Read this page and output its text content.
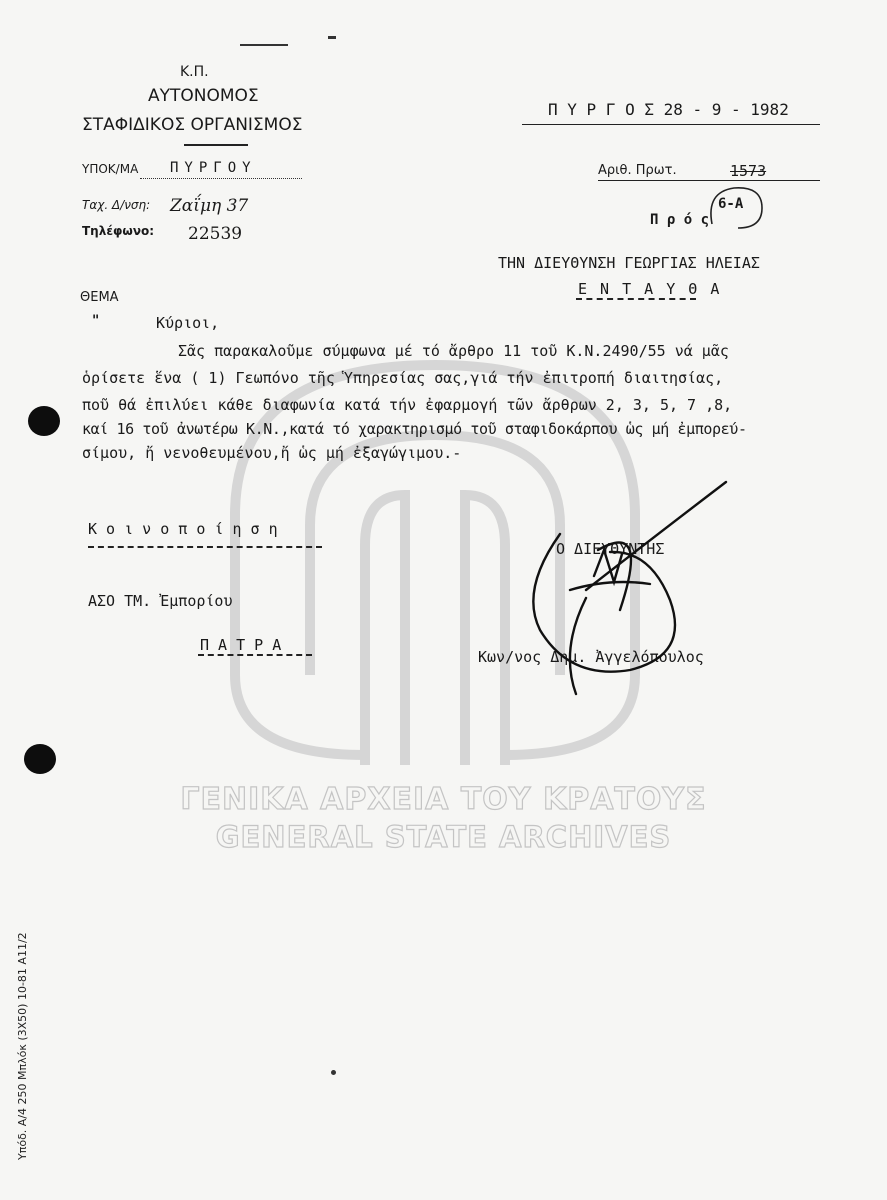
ΓΕΝΙΚΑ ΑΡΧΕΙΑ ΤΟΥ ΚΡΑΤΟΥΣ
GENERAL STATE ARCHIVES
Κ.Π.
ΑΥΤΟΝΟΜΟΣ
ΣΤΑΦΙΔΙΚΟΣ ΟΡΓΑΝΙΣΜΟΣ
ΥΠΟΚ/ΜΑ ΠΥΡΓΟΥ
Ταχ. Δ/νση: Ζαΐμη 37
Τηλέφωνο: 22539
Π Υ Ρ Γ Ο Σ 28 - 9 - 1982
Αριθ. Πρωτ.	1573
6-Α
Π ρ ό ς
ΤΗΝ ΔΙΕΥΘΥΝΣΗ ΓΕΩΡΓΙΑΣ ΗΛΕΙΑΣ
Ε Ν Τ Α Υ Θ Α
ΘΕΜΑ
"	Κύριοι,
Σᾶς παρακαλοῦμε σύμφωνα μέ τό ἄρθρο 11 τοῦ Κ.Ν.2490/55 νά μᾶς
ὁρίσετε ἕνα ( 1) Γεωπόνο τῆς Ὑπηρεσίας σας,γιά τήν ἐπιτροπή διαιτησίας,
ποῦ θά ἐπιλύει κάθε διαφωνία κατά τήν ἐφαρμογή τῶν ἄρθρων 2, 3, 5, 7 ,8,
καί 16 τοῦ ἀνωτέρω Κ.Ν.,κατά τό χαρακτηρισμό τοῦ σταφιδοκάρπου ὡς μή ἐμπορεύ-
σίμου, ἤ νενοθευμένου,ἤ ὡς μή ἐξαγώγιμου.-
Κ ο ι ν ο π ο ί η σ η
ΑΣΟ ΤΜ. Ἐμπορίου
Π Α Τ Ρ Α
Ο ΔΙΕΥΘΥΝΤΗΣ
Κων/νος Δημ. Ἀγγελόπουλος
Υπόδ. Α/4 250 Μπλόκ (3Χ50) 10-81 Α11/2
